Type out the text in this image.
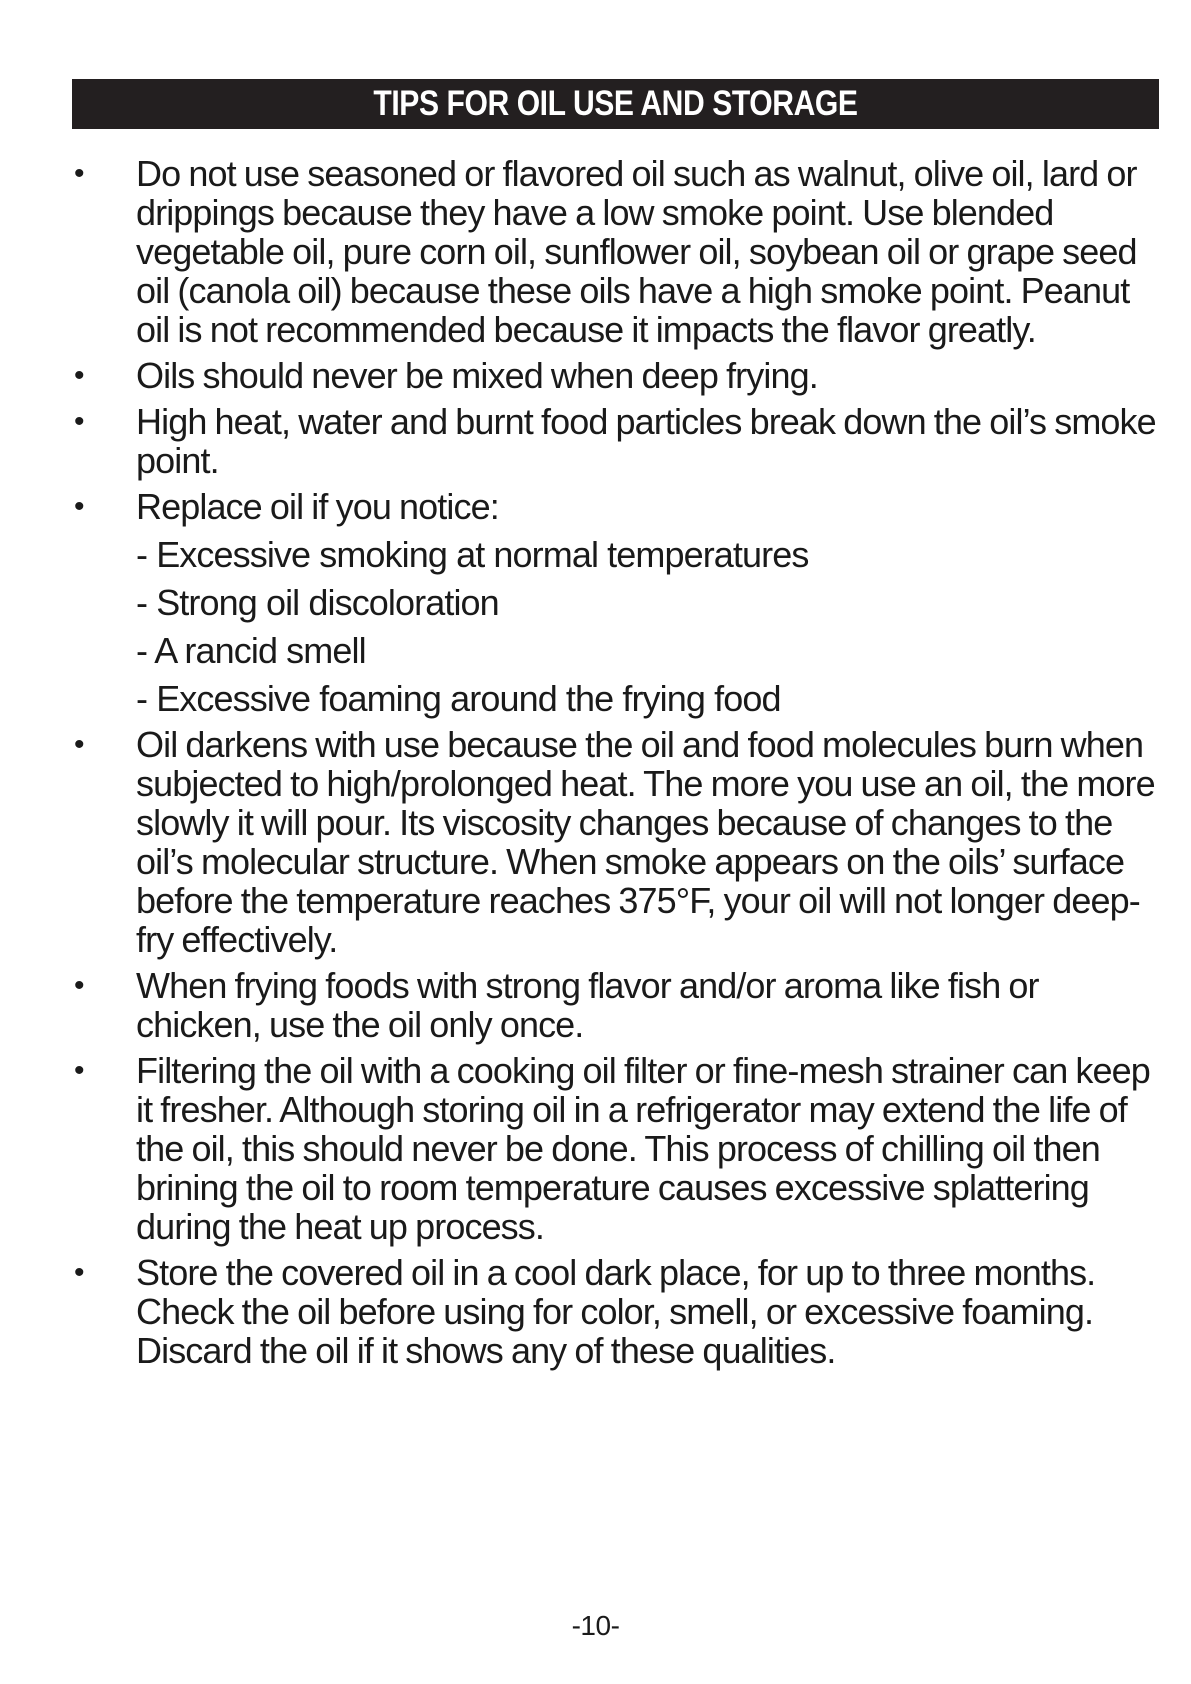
TIPS FOR OIL USE AND STORAGE
• Do not use seasoned or flavored oil such as walnut, olive oil, lard or drippings because they have a low smoke point. Use blended vegetable oil, pure corn oil, sunflower oil, soybean oil or grape seed oil (canola oil) because these oils have a high smoke point. Peanut oil is not recommended because it impacts the flavor greatly.
• Oils should never be mixed when deep frying.
• High heat, water and burnt food particles break down the oil’s smoke point.
• Replace oil if you notice:
- Excessive smoking at normal temperatures
- Strong oil discoloration
- A rancid smell
- Excessive foaming around the frying food
• Oil darkens with use because the oil and food molecules burn when subjected to high/prolonged heat. The more you use an oil, the more slowly it will pour. Its viscosity changes because of changes to the oil’s molecular structure. When smoke appears on the oils’ surface before the temperature reaches 375°F, your oil will not longer deep-fry effectively.
• When frying foods with strong flavor and/or aroma like fish or chicken, use the oil only once.
• Filtering the oil with a cooking oil filter or fine-mesh strainer can keep it fresher. Although storing oil in a refrigerator may extend the life of the oil, this should never be done. This process of chilling oil then brining the oil to room temperature causes excessive splattering during the heat up process.
• Store the covered oil in a cool dark place, for up to three months. Check the oil before using for color, smell, or excessive foaming. Discard the oil if it shows any of these qualities.
-10-
